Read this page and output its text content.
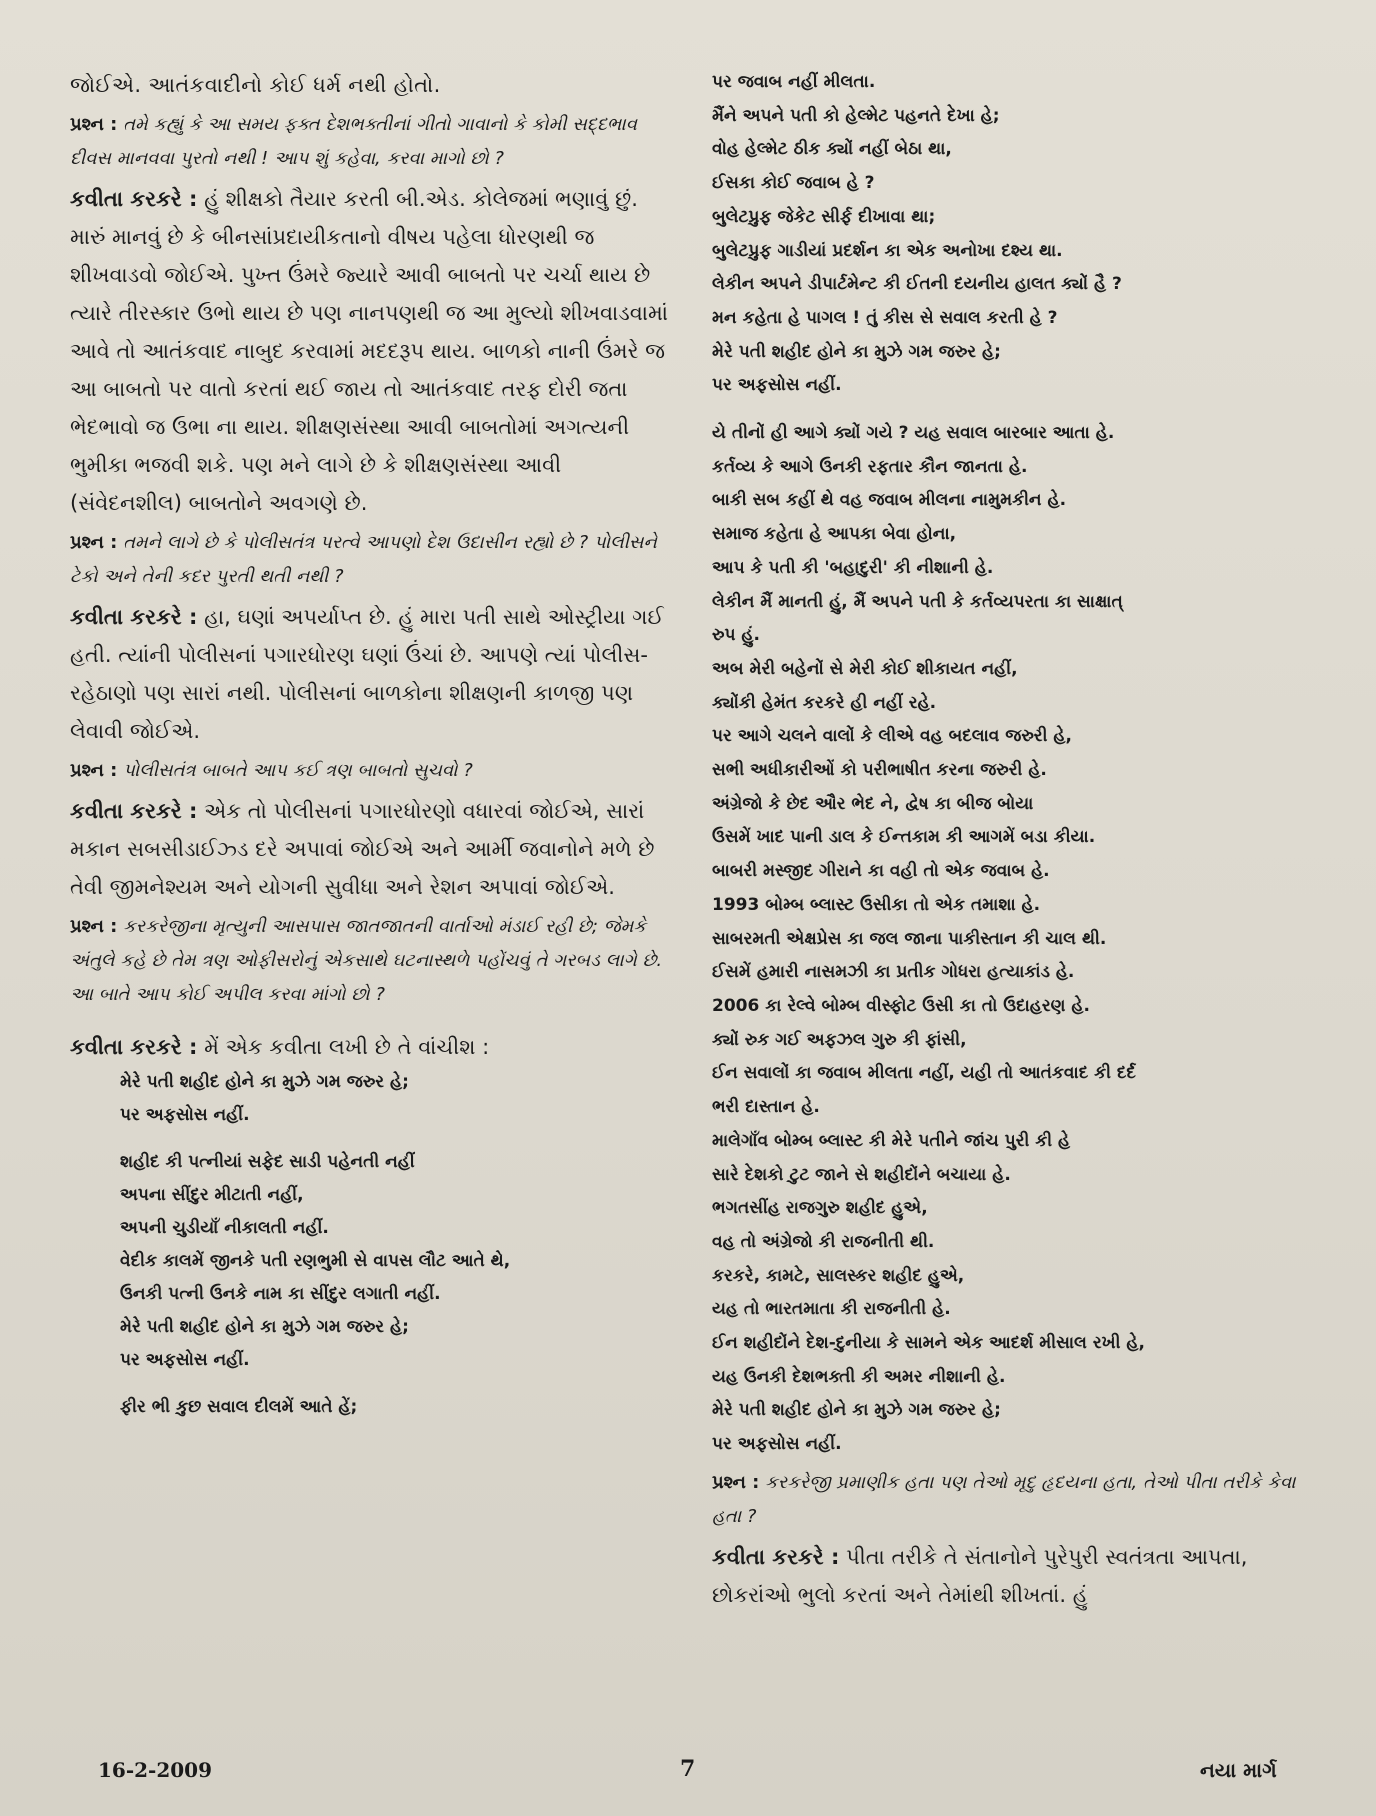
જોઈએ. આતંકવાદીનો કોઈ ધર્મ નથી હોતો.

પ્રશ્ન : તમે કહ્યું કે આ સમય ફક્ત દેશભક્તીનાં ગીતો ગાવાનો કે કોમી સદ્દભાવ દીવસ માનવવા પુરતો નથી ! આપ શું કહેવા, કરવા માગો છો ?

કવીતા કરકરે : હું શીક્ષકો તૈયાર કરતી બી.એડ. કોલેજમાં ભણાવું છું. મારું માનવું છે કે બીનસાંપ્રદાયીકતાનો વીષય પહેલા ધોરણથી જ શીખવાડવો જોઈએ. પુખ્ત ઉંમરે જ્યારે આવી બાબતો પર ચર્ચા થાય છે ત્યારે તીરસ્કાર ઉભો થાય છે પણ નાનપણથી જ આ મુલ્યો શીખવાડવામાં આવે તો આતંકવાદ નાબુદ કરવામાં મદદરૂપ થાય. બાળકો નાની ઉંમરે જ આ બાબતો પર વાતો કરતાં થઈ જાય તો આતંકવાદ તરફ દોરી જતા ભેદભાવો જ ઉભા ના થાય. શીક્ષણસંસ્થા આવી બાબતોમાં અગત્યની ભુમીકા ભજવી શકે. પણ મને લાગે છે કે શીક્ષણસંસ્થા આવી (સંવેદનશીલ) બાબતોને અવગણે છે.

પ્રશ્ન : તમને લાગે છે કે પોલીસતંત્ર પરત્વે આપણો દેશ ઉદાસીન રહ્યો છે ? પોલીસને ટેકો અને તેની કદર પુરતી થતી નથી ?

કવીતા કરકરે : હા, ઘણાં અપર્યાપ્ત છે. હું મારા પતી સાથે ઓસ્ટ્રીયા ગઈ હતી. ત્યાંની પોલીસનાં પગારધોરણ ઘણાં ઉંચાં છે. આપણે ત્યાં પોલીસ-રહેઠાણો પણ સારાં નથી. પોલીસનાં બાળકોના શીક્ષણની કાળજી પણ લેવાવી જોઈએ.

પ્રશ્ન : પોલીસતંત્ર બાબતે આપ કઈ ત્રણ બાબતો સુચવો ?

કવીતા કરકરે : એક તો પોલીસનાં પગારધોરણો વધારવાં જોઈએ, સારાં મકાન સબસીડાઈઝ્ડ દરે અપાવાં જોઈએ અને આર્મી જવાનોને મળે છે તેવી જીમનેશ્યમ અને યોગની સુવીધા અને રેશન અપાવાં જોઈએ.

પ્રશ્ન : કરકરેજીના મૃત્યુની આસપાસ જાતજાતની વાર્તાઓ મંડાઈ રહી છે; જેમકે અંતુલે કહે છે તેમ ત્રણ ઓફીસરોનું એકસાથે ઘટનાસ્થળે પહોંચવું તે ગરબડ લાગે છે. આ બાતે આપ કોઈ અપીલ કરવા માંગો છો ?

કવીતા કરકરે : મેં એક કવીતા લખી છે તે વાંચીશ :

મેરે પતી શહીદ હોને કા મુઝે ગમ જરુર હે;
પર અફસોસ નહીં.
શહીદ કી પત્નીયાં સફેદ સાડી પહેનતી નહીં
અપના સીંદુર મીટાતી નહીં,
અપની ચુડીયાઁ નીકાલતી નહીં.
વેદીક કાલમેં જીનકે પતી રણભુમી સે વાપસ લૌટ આતે થે,
ઉનકી પત્ની ઉનકે નામ કા સીંદુર લગાતી નહીં.
મેરે પતી શહીદ હોને કા મુઝે ગમ જરુર હે;
પર અફસોસ નહીં.
ફીર ભી કુછ સવાલ દીલમેં આતે હેં;
પર જવાબ નહીં મીલતા.
મૈંને અપને પતી કો હેલ્મેટ પહનતે દેખા હે;
વોહ હેલ્મેટ ઠીક ક્યોં નહીં બેઠા થા,
ઈસકા કોઈ જવાબ હે ?
બુલેટપ્રુફ જેકેટ સીર્ફ દીખાવા થા;
બુલેટપ્રુફ ગાડીયાં પ્રદર્શન કા એક અનોખા દશ્ય થા.
લેકીન અપને ડીપાર્ટમેન્ટ કી ઈતની દયનીય હાલત ક્યોં હૈ ?
મન કહેતા હે પાગલ ! તું કીસ સે સવાલ કરતી હે ?
મેરે પતી શહીદ હોને કા મુઝે ગમ જરુર હે;
પર અફસોસ નહીં.
યે તીનોં હી આગે ક્યોં ગયે ? યહ સવાલ બારબાર આતા હે.
કર્તવ્ય કે આગે ઉનકી રફતાર કૌન જાનતા હે.
બાકી સબ કહીં થે વહ જવાબ મીલના નામુમકીન હે.
સમાજ કહેતા હે આપકા બેવા હોના,
આપ કે પતી કી 'બહાદુરી' કી નીશાની હે.
લેકીન મૈં માનતી હું, મૈં અપને પતી કે કર્તવ્યપરતા કા સાક્ષાત્
રુપ હું.
અબ મેરી બહેનોં સે મેરી કોઈ શીકાયત નહીં,
ક્યોંકી હેમંત કરકરે હી નહીં રહે.
પર આગે ચલને વાલોં કે લીએ વહ બદલાવ જરુરી હે,
સભી અધીકારીઓં કો પરીભાષીત કરના જરુરી હે.
અંગ્રેજો કે છેદ ઔર ભેદ ને, દ્વેષ કા બીજ બોયા
ઉસમેં ખાદ પાની ડાલ કે ઈન્તકામ કી આગમેં બડા કીયા.
બાબરી મસ્જીદ ગીરાને કા વહી તો એક જવાબ હે.
1993 બોમ્બ બ્લાસ્ટ ઉસીકા તો એક તમાશા હે.
સાબરમતી એક્ષપ્રેસ કા જલ જાના પાકીસ્તાન કી ચાલ થી.
ઈસમેં હમારી નાસમઝી કા પ્રતીક ગોધરા હત્યાકાંડ હે.
2006 કા રેલ્વે બોમ્બ વીસ્ફોટ ઉસી કા તો ઉદાહરણ હે.
ક્યોં રુક ગઈ અફઝલ ગુરુ કી ફાંસી,
ઈન સવાલોં કા જવાબ મીલતા નહીં, યહી તો આતંકવાદ કી દર્દ
ભરી દાસ્તાન હે.
માલેગાઁવ બોમ્બ બ્લાસ્ટ કી મેરે પતીને જાંચ પુરી કી હે
સારે દેશકો ટુટ જાને સે શહીદોંને બચાયા હે.
ભગતસીંહ રાજગુરુ શહીદ હુએ,
વહ તો અંગ્રેજો કી રાજનીતી થી.
કરકરે, કામટે, સાલસ્કર શહીદ હુએ,
યહ તો ભારતમાતા કી રાજનીતી હે.
ઈન શહીદોંને દેશ-દુનીયા કે સામને એક આદર્શ મીસાલ રખી હે,
યહ ઉનકી દેશભક્તી કી અમર નીશાની હે.
મેરે પતી શહીદ હોને કા મુઝે ગમ જરુર હે;
પર અફસોસ નહીં.

પ્રશ્ન : કરકરેજી પ્રમાણીક હતા પણ તેઓ મૃદુ હૃદયના હતા, તેઓ પીતા તરીકે કેવા હતા ?

કવીતા કરકરે : પીતા તરીકે તે સંતાનોને પુરેપુરી સ્વતંત્રતા આપતા, છોકરાંઓ ભુલો કરતાં અને તેમાંથી શીખતાં. હું

16-2-2009	7	નયા માર્ગ
